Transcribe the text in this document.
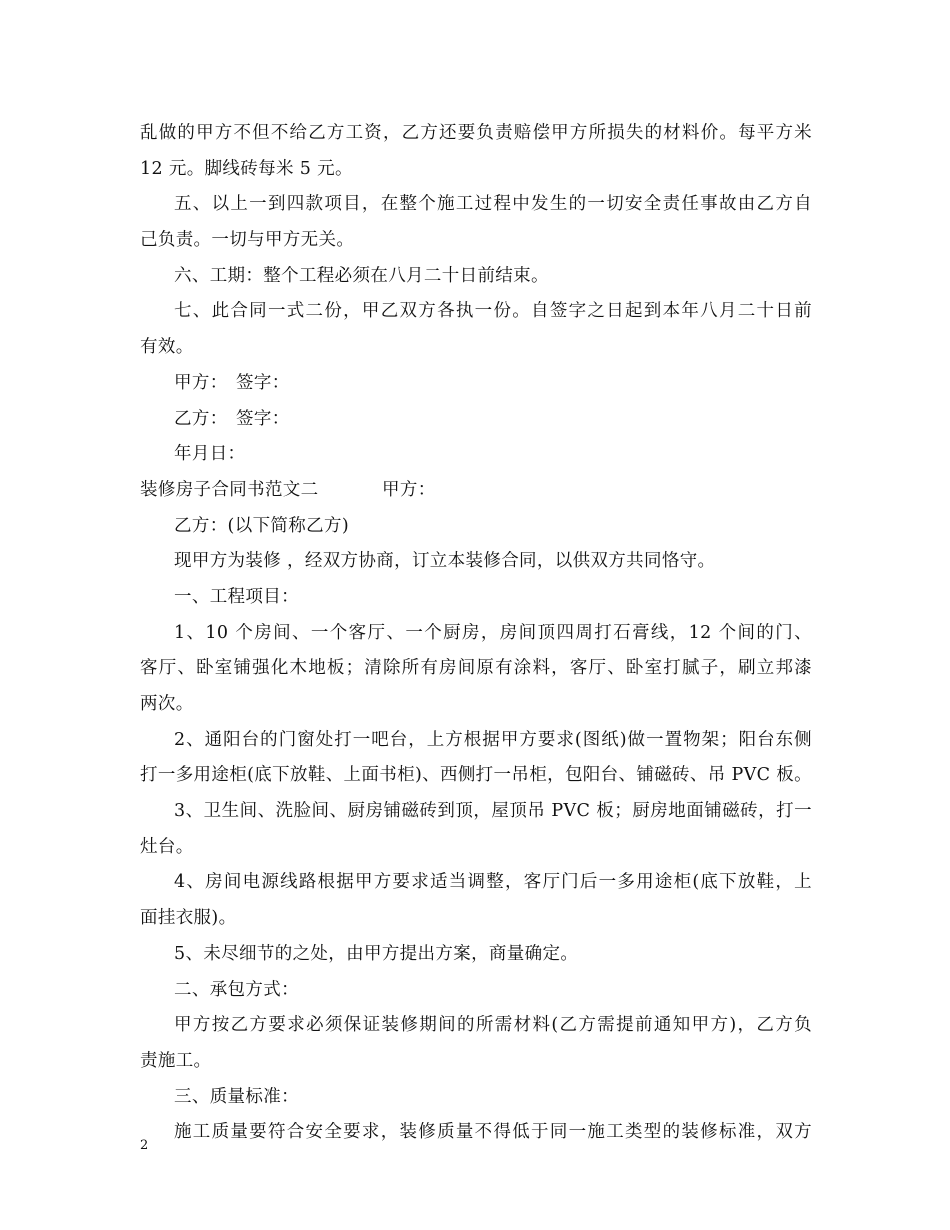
乱做的甲方不但不给乙方工资，乙方还要负责赔偿甲方所损失的材料价。每平方米
12 元。脚线砖每米 5 元。
五、以上一到四款项目，在整个施工过程中发生的一切安全责任事故由乙方自
己负责。一切与甲方无关。
六、工期：整个工程必须在八月二十日前结束。
七、此合同一式二份，甲乙双方各执一份。自签字之日起到本年八月二十日前
有效。
甲方： 签字：
乙方： 签字：
年月日：
装修房子合同书范文二	甲方：
乙方：(以下简称乙方)
现甲方为装修 ，经双方协商，订立本装修合同，以供双方共同恪守。
一、工程项目：
1、10 个房间、一个客厅、一个厨房，房间顶四周打石膏线，12 个间的门、
客厅、卧室铺强化木地板；清除所有房间原有涂料，客厅、卧室打腻子，刷立邦漆
两次。
2、通阳台的门窗处打一吧台，上方根据甲方要求(图纸)做一置物架；阳台东侧
打一多用途柜(底下放鞋、上面书柜)、西侧打一吊柜，包阳台、铺磁砖、吊 PVC 板。
3、卫生间、洗脸间、厨房铺磁砖到顶，屋顶吊 PVC 板；厨房地面铺磁砖，打一
灶台。
4、房间电源线路根据甲方要求适当调整，客厅门后一多用途柜(底下放鞋，上
面挂衣服)。
5、未尽细节的之处，由甲方提出方案，商量确定。
二、承包方式：
甲方按乙方要求必须保证装修期间的所需材料(乙方需提前通知甲方)，乙方负
责施工。
三、质量标准：
施工质量要符合安全要求，装修质量不得低于同一施工类型的装修标准，双方
2
